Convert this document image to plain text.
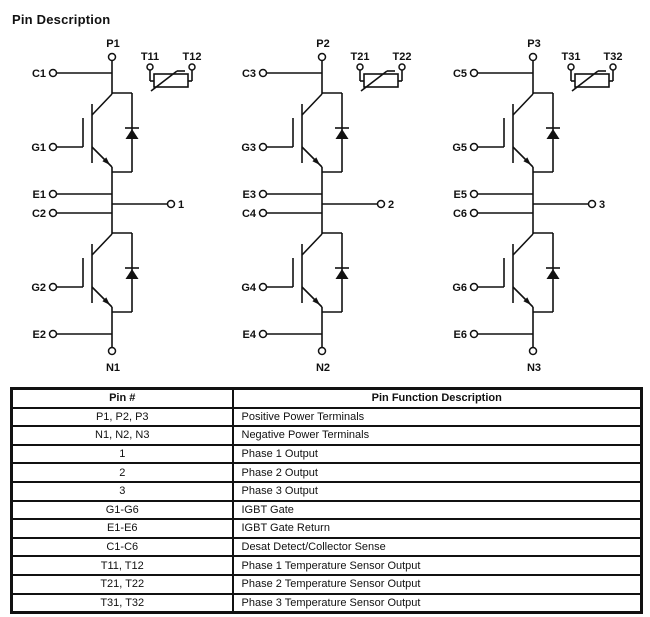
Pin Description
P1
C1
G1
E1
1
C2
G2
E2
N1
T11 T12
P2
C3
G3
E3
2
C4
G4
E4
N2
T21 T22
P3
C5
G5
E5
3
C6
G6
E6
N3
T31 T32
Pin #	Pin Function Description
P1, P2, P3	Positive Power Terminals
N1, N2, N3	Negative Power Terminals
1	Phase 1 Output
2	Phase 2 Output
3	Phase 3 Output
G1-G6	IGBT Gate
E1-E6	IGBT Gate Return
C1-C6	Desat Detect/Collector Sense
T11, T12	Phase 1 Temperature Sensor Output
T21, T22	Phase 2 Temperature Sensor Output
T31, T32	Phase 3 Temperature Sensor Output
